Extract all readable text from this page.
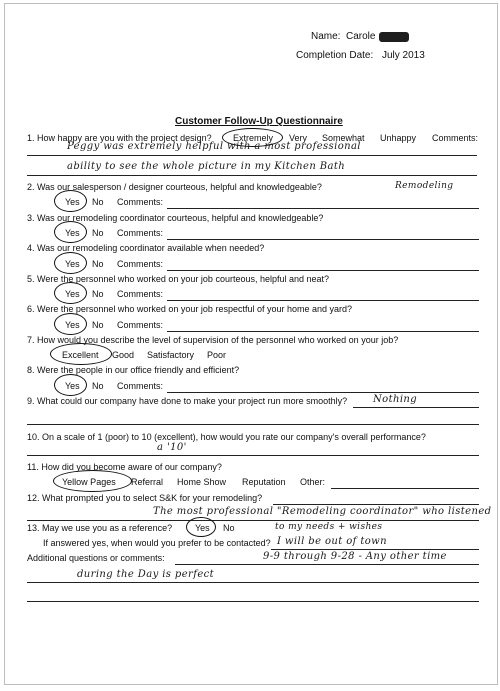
Name: Carole
Completion Date: July 2013
Customer Follow-Up Questionnaire
1. How happy are you with the project design? Extremely Very Somewhat Unhappy Comments:
Peggy was extremely helpful with a most professional
ability to see the whole picture in my Kitchen Bath
Remodeling
2. Was our salesperson / designer courteous, helpful and knowledgeable?
Yes No Comments:
3. Was our remodeling coordinator courteous, helpful and knowledgeable?
Yes No Comments:
4. Was our remodeling coordinator available when needed?
Yes No Comments:
5. Were the personnel who worked on your job courteous, helpful and neat?
Yes No Comments:
6. Were the personnel who worked on your job respectful of your home and yard?
Yes No Comments:
7. How would you describe the level of supervision of the personnel who worked on your job?
Excellent Good Satisfactory Poor
8. Were the people in our office friendly and efficient?
Yes No Comments:
9. What could our company have done to make your project run more smoothly?	Nothing
10. On a scale of 1 (poor) to 10 (excellent), how would you rate our company's overall performance?
a '10'
11. How did you become aware of our company?
Yellow Pages Referral Home Show Reputation Other:
12. What prompted you to select S&K for your remodeling?
The most professional "Remodeling coordinator" who listened
to my needs + wishes
13. May we use you as a reference?	Yes No
If answered yes, when would you prefer to be contacted? I will be out of town
Additional questions or comments:	9-9 through 9-28 - Any other time
during the Day is perfect
